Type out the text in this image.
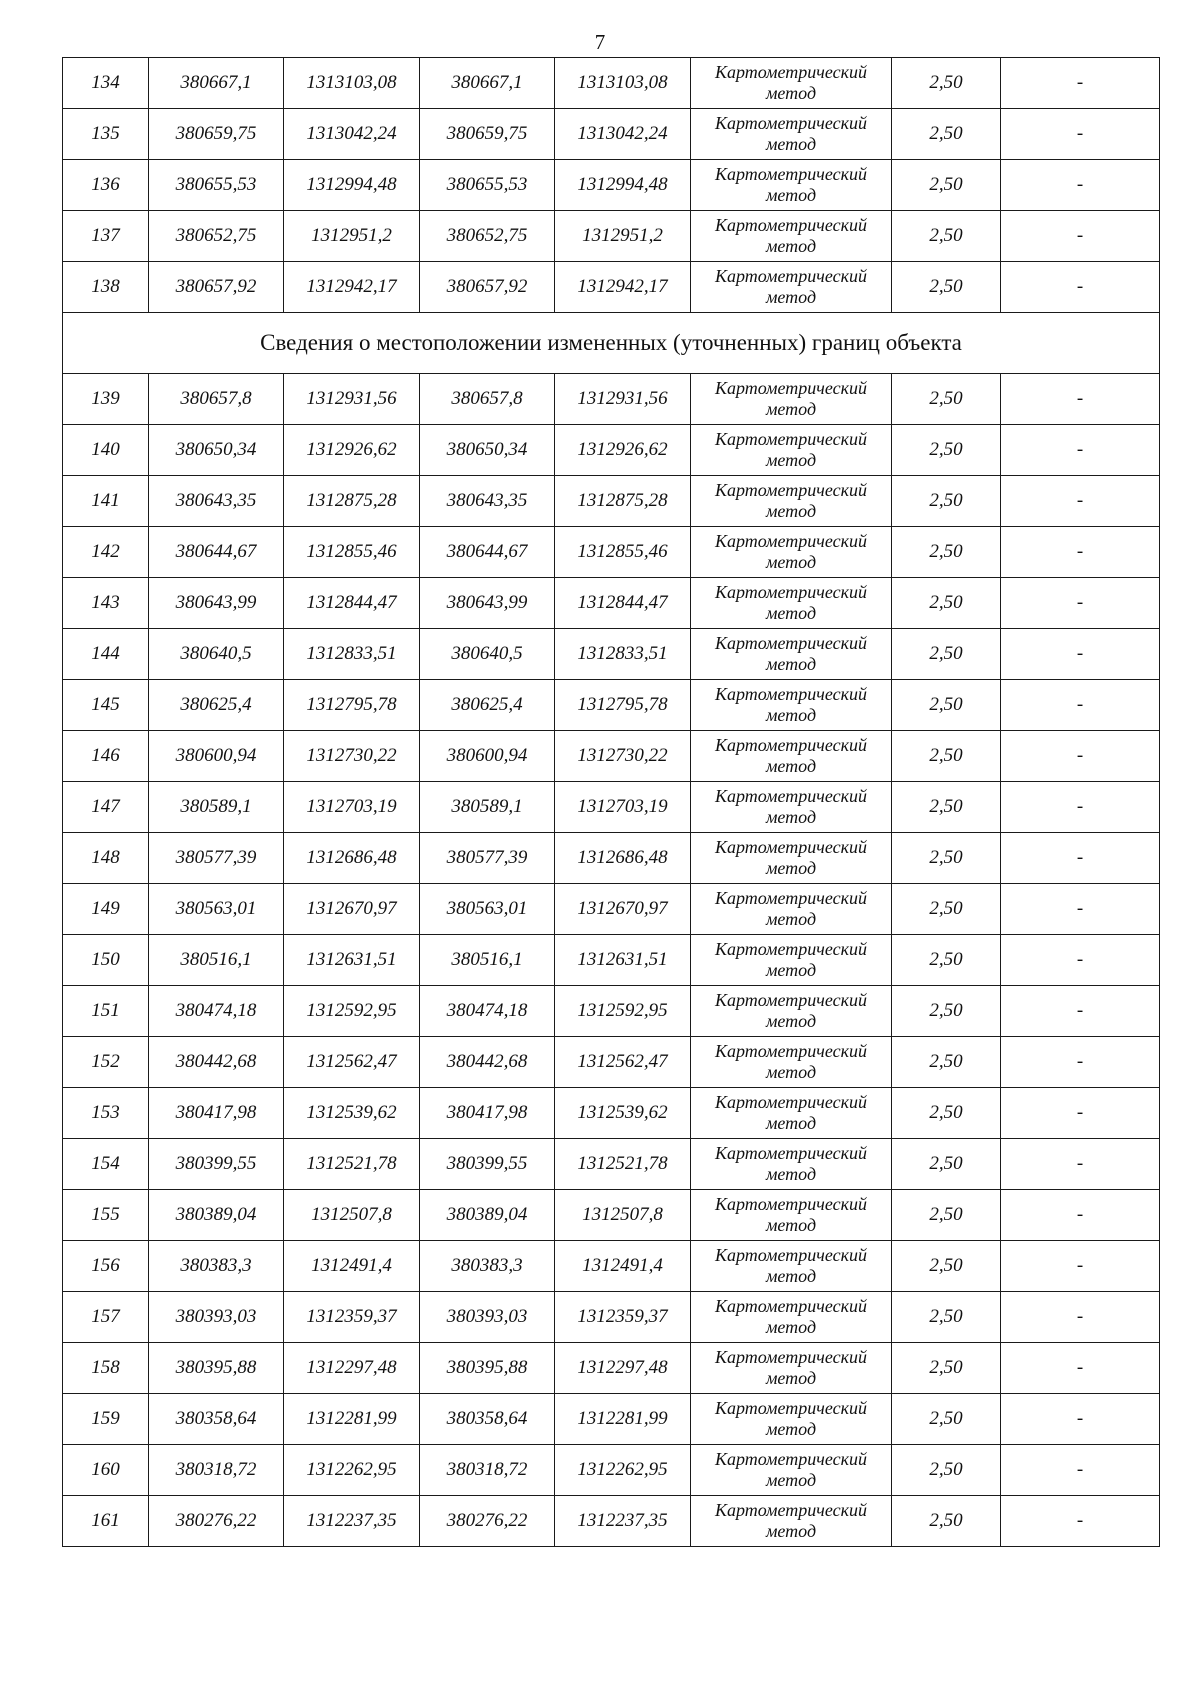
7
134	380667,1	1313103,08	380667,1	1313103,08	Картометрический
метод	2,50	-
135	380659,75	1313042,24	380659,75	1313042,24	Картометрический
метод	2,50	-
136	380655,53	1312994,48	380655,53	1312994,48	Картометрический
метод	2,50	-
137	380652,75	1312951,2	380652,75	1312951,2	Картометрический
метод	2,50	-
138	380657,92	1312942,17	380657,92	1312942,17	Картометрический
метод	2,50	-
Сведения о местоположении измененных (уточненных) границ объекта							
139	380657,8	1312931,56	380657,8	1312931,56	Картометрический
метод	2,50	-
140	380650,34	1312926,62	380650,34	1312926,62	Картометрический
метод	2,50	-
141	380643,35	1312875,28	380643,35	1312875,28	Картометрический
метод	2,50	-
142	380644,67	1312855,46	380644,67	1312855,46	Картометрический
метод	2,50	-
143	380643,99	1312844,47	380643,99	1312844,47	Картометрический
метод	2,50	-
144	380640,5	1312833,51	380640,5	1312833,51	Картометрический
метод	2,50	-
145	380625,4	1312795,78	380625,4	1312795,78	Картометрический
метод	2,50	-
146	380600,94	1312730,22	380600,94	1312730,22	Картометрический
метод	2,50	-
147	380589,1	1312703,19	380589,1	1312703,19	Картометрический
метод	2,50	-
148	380577,39	1312686,48	380577,39	1312686,48	Картометрический
метод	2,50	-
149	380563,01	1312670,97	380563,01	1312670,97	Картометрический
метод	2,50	-
150	380516,1	1312631,51	380516,1	1312631,51	Картометрический
метод	2,50	-
151	380474,18	1312592,95	380474,18	1312592,95	Картометрический
метод	2,50	-
152	380442,68	1312562,47	380442,68	1312562,47	Картометрический
метод	2,50	-
153	380417,98	1312539,62	380417,98	1312539,62	Картометрический
метод	2,50	-
154	380399,55	1312521,78	380399,55	1312521,78	Картометрический
метод	2,50	-
155	380389,04	1312507,8	380389,04	1312507,8	Картометрический
метод	2,50	-
156	380383,3	1312491,4	380383,3	1312491,4	Картометрический
метод	2,50	-
157	380393,03	1312359,37	380393,03	1312359,37	Картометрический
метод	2,50	-
158	380395,88	1312297,48	380395,88	1312297,48	Картометрический
метод	2,50	-
159	380358,64	1312281,99	380358,64	1312281,99	Картометрический
метод	2,50	-
160	380318,72	1312262,95	380318,72	1312262,95	Картометрический
метод	2,50	-
161	380276,22	1312237,35	380276,22	1312237,35	Картометрический
метод	2,50	-
